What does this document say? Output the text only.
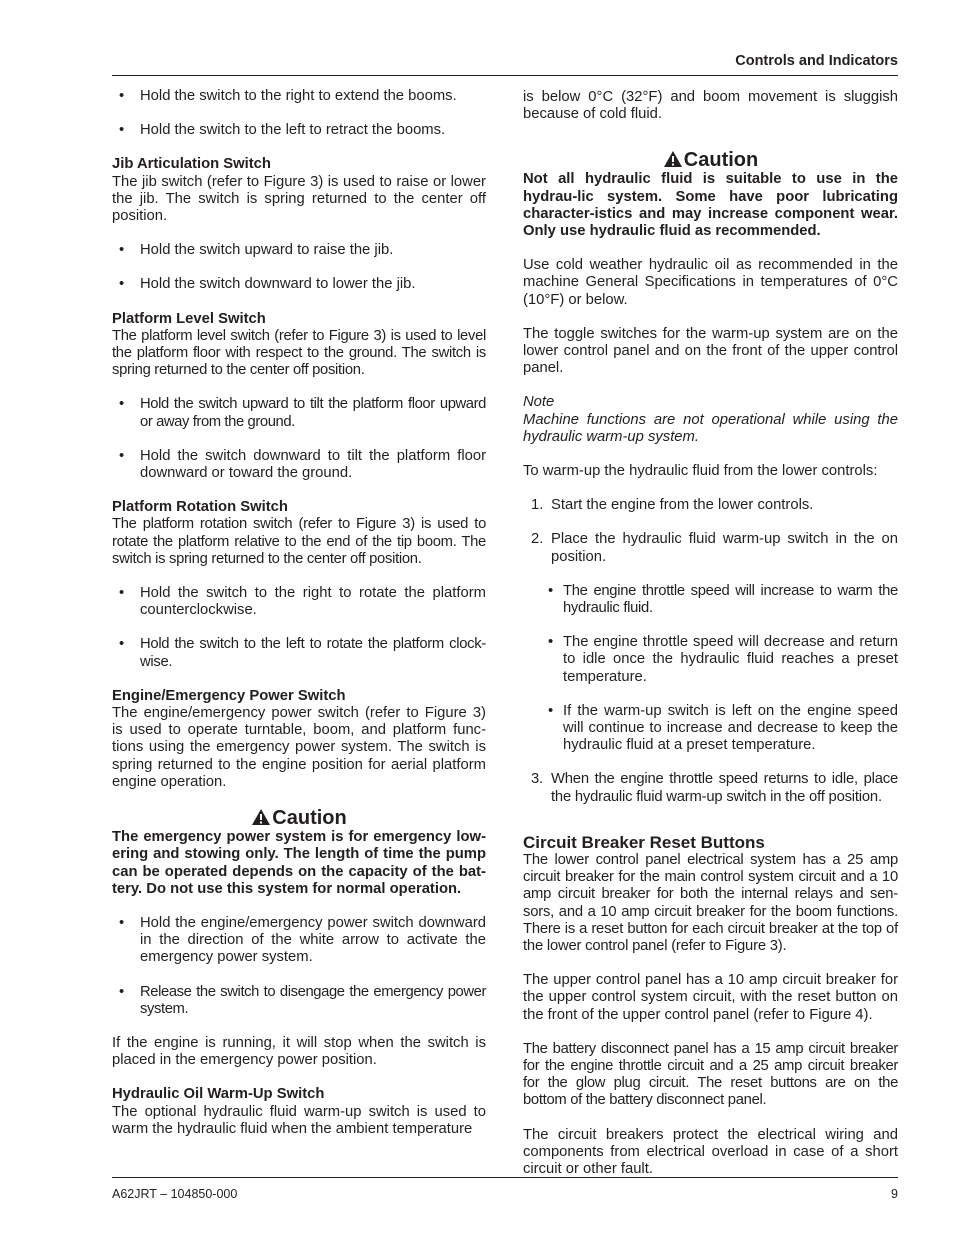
Controls and Indicators
• Hold the switch to the right to extend the booms.
• Hold the switch to the left to retract the booms.
Jib Articulation Switch

The jib switch (refer to Figure 3) is used to raise or lower the jib. The switch is spring returned to the center off position.

• Hold the switch upward to raise the jib.
• Hold the switch downward to lower the jib.
Platform Level Switch

The platform level switch (refer to Figure 3) is used to level the platform floor with respect to the ground. The switch is spring returned to the center off position.

• Hold the switch upward to tilt the platform floor upward or away from the ground.
• Hold the switch downward to tilt the platform floor downward or toward the ground.
Platform Rotation Switch

The platform rotation switch (refer to Figure 3) is used to rotate the platform relative to the end of the tip boom. The switch is spring returned to the center off position.

• Hold the switch to the right to rotate the platform counterclockwise.
• Hold the switch to the left to rotate the platform clock-wise.
Engine/Emergency Power Switch

The engine/emergency power switch (refer to Figure 3) is used to operate turntable, boom, and platform func-tions using the emergency power system. The switch is spring returned to the engine position for aerial platform engine operation.

Caution

The emergency power system is for emergency low-ering and stowing only. The length of time the pump can be operated depends on the capacity of the bat-tery. Do not use this system for normal operation.

• Hold the engine/emergency power switch downward in the direction of the white arrow to activate the emergency power system.
• Release the switch to disengage the emergency power system.

If the engine is running, it will stop when the switch is placed in the emergency power position.

Hydraulic Oil Warm-Up Switch

The optional hydraulic fluid warm-up switch is used to warm the hydraulic fluid when the ambient temperature

is below 0°C (32°F) and boom movement is sluggish because of cold fluid.

Caution

Not all hydraulic fluid is suitable to use in the hydrau-lic system. Some have poor lubricating character-istics and may increase component wear. Only use hydraulic fluid as recommended.

Use cold weather hydraulic oil as recommended in the machine General Specifications in temperatures of 0°C (10°F) or below.

The toggle switches for the warm-up system are on the lower control panel and on the front of the upper control panel.

Note
Machine functions are not operational while using the hydraulic warm-up system.

To warm-up the hydraulic fluid from the lower controls:

1. Start the engine from the lower controls.
2. Place the hydraulic fluid warm-up switch in the on position.
• The engine throttle speed will increase to warm the hydraulic fluid.
• The engine throttle speed will decrease and return to idle once the hydraulic fluid reaches a preset temperature.
• If the warm-up switch is left on the engine speed will continue to increase and decrease to keep the hydraulic fluid at a preset temperature.
3. When the engine throttle speed returns to idle, place the hydraulic fluid warm-up switch in the off position.
Circuit Breaker Reset Buttons

The lower control panel electrical system has a 25 amp circuit breaker for the main control system circuit and a 10 amp circuit breaker for both the internal relays and sen-sors, and a 10 amp circuit breaker for the boom functions. There is a reset button for each circuit breaker at the top of the lower control panel (refer to Figure 3).

The upper control panel has a 10 amp circuit breaker for the upper control system circuit, with the reset button on the front of the upper control panel (refer to Figure 4).

The battery disconnect panel has a 15 amp circuit breaker for the engine throttle circuit and a 25 amp circuit breaker for the glow plug circuit. The reset buttons are on the bottom of the battery disconnect panel.

The circuit breakers protect the electrical wiring and components from electrical overload in case of a short circuit or other fault.

A62JRT – 104850-000	9
